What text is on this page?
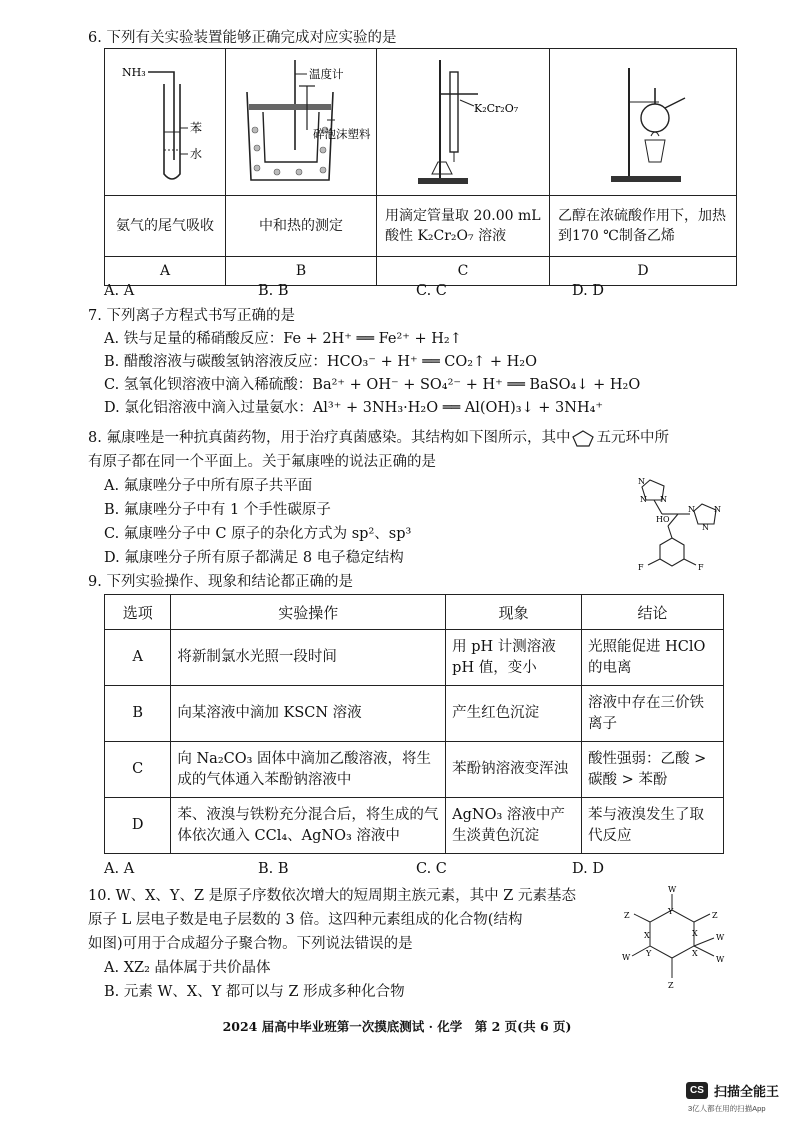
6. 下列有关实验装置能够正确完成对应实验的是
NH₃
苯
水	温度计
碎泡沫塑料	K₂Cr₂O₇

氨气的尾气吸收	中和热的测定	用滴定管量取 20.00 mL 酸性 K₂Cr₂O₇ 溶液	乙醇在浓硫酸作用下，加热到170 ℃制备乙烯
A	B	C	D
A. A	B. B	C. C	D. D
7. 下列离子方程式书写正确的是
A. 铁与足量的稀硝酸反应：Fe + 2H⁺ ══ Fe²⁺ + H₂↑
B. 醋酸溶液与碳酸氢钠溶液反应：HCO₃⁻ + H⁺ ══ CO₂↑ + H₂O
C. 氢氧化钡溶液中滴入稀硫酸：Ba²⁺ + OH⁻ + SO₄²⁻ + H⁺ ══ BaSO₄↓ + H₂O
D. 氯化铝溶液中滴入过量氨水：Al³⁺ + 3NH₃·H₂O ══ Al(OH)₃↓ + 3NH₄⁺
8. 氟康唑是一种抗真菌药物，用于治疗真菌感染。其结构如下图所示，其中 五元环中所
有原子都在同一个平面上。关于氟康唑的说法正确的是
A. 氟康唑分子中所有原子共平面
B. 氟康唑分子中有 1 个手性碳原子
C. 氟康唑分子中 C 原子的杂化方式为 sp²、sp³
D. 氟康唑分子所有原子都满足 8 电子稳定结构
N
N
N
N N
N
HO
F	F
9. 下列实验操作、现象和结论都正确的是
选项	实验操作	现象	结论
A	将新制氯水光照一段时间	用 pH 计测溶液 pH 值，变小	光照能促进 HClO 的电离
B	向某溶液中滴加 KSCN 溶液	产生红色沉淀	溶液中存在三价铁离子
C	向 Na₂CO₃ 固体中滴加乙酸溶液，将生成的气体通入苯酚钠溶液中	苯酚钠溶液变浑浊	酸性强弱：乙酸 > 碳酸 > 苯酚
D	苯、液溴与铁粉充分混合后，将生成的气体依次通入 CCl₄、AgNO₃ 溶液中	AgNO₃ 溶液中产生淡黄色沉淀	苯与液溴发生了取代反应
A. A	B. B	C. C	D. D
10. W、X、Y、Z 是原子序数依次增大的短周期主族元素，其中 Z 元素基态
原子 L 层电子数是电子层数的 3 倍。这四种元素组成的化合物(结构
如图)可用于合成超分子聚合物。下列说法错误的是
A. XZ₂ 晶体属于共价晶体
B. 元素 W、X、Y 都可以与 Z 形成多种化合物
W
Y
Z	Z
X	X W
W Y	X
W
Z
2024 届高中毕业班第一次摸底测试 · 化学　第 2 页(共 6 页)
CS 扫描全能王
3亿人都在用的扫描App
